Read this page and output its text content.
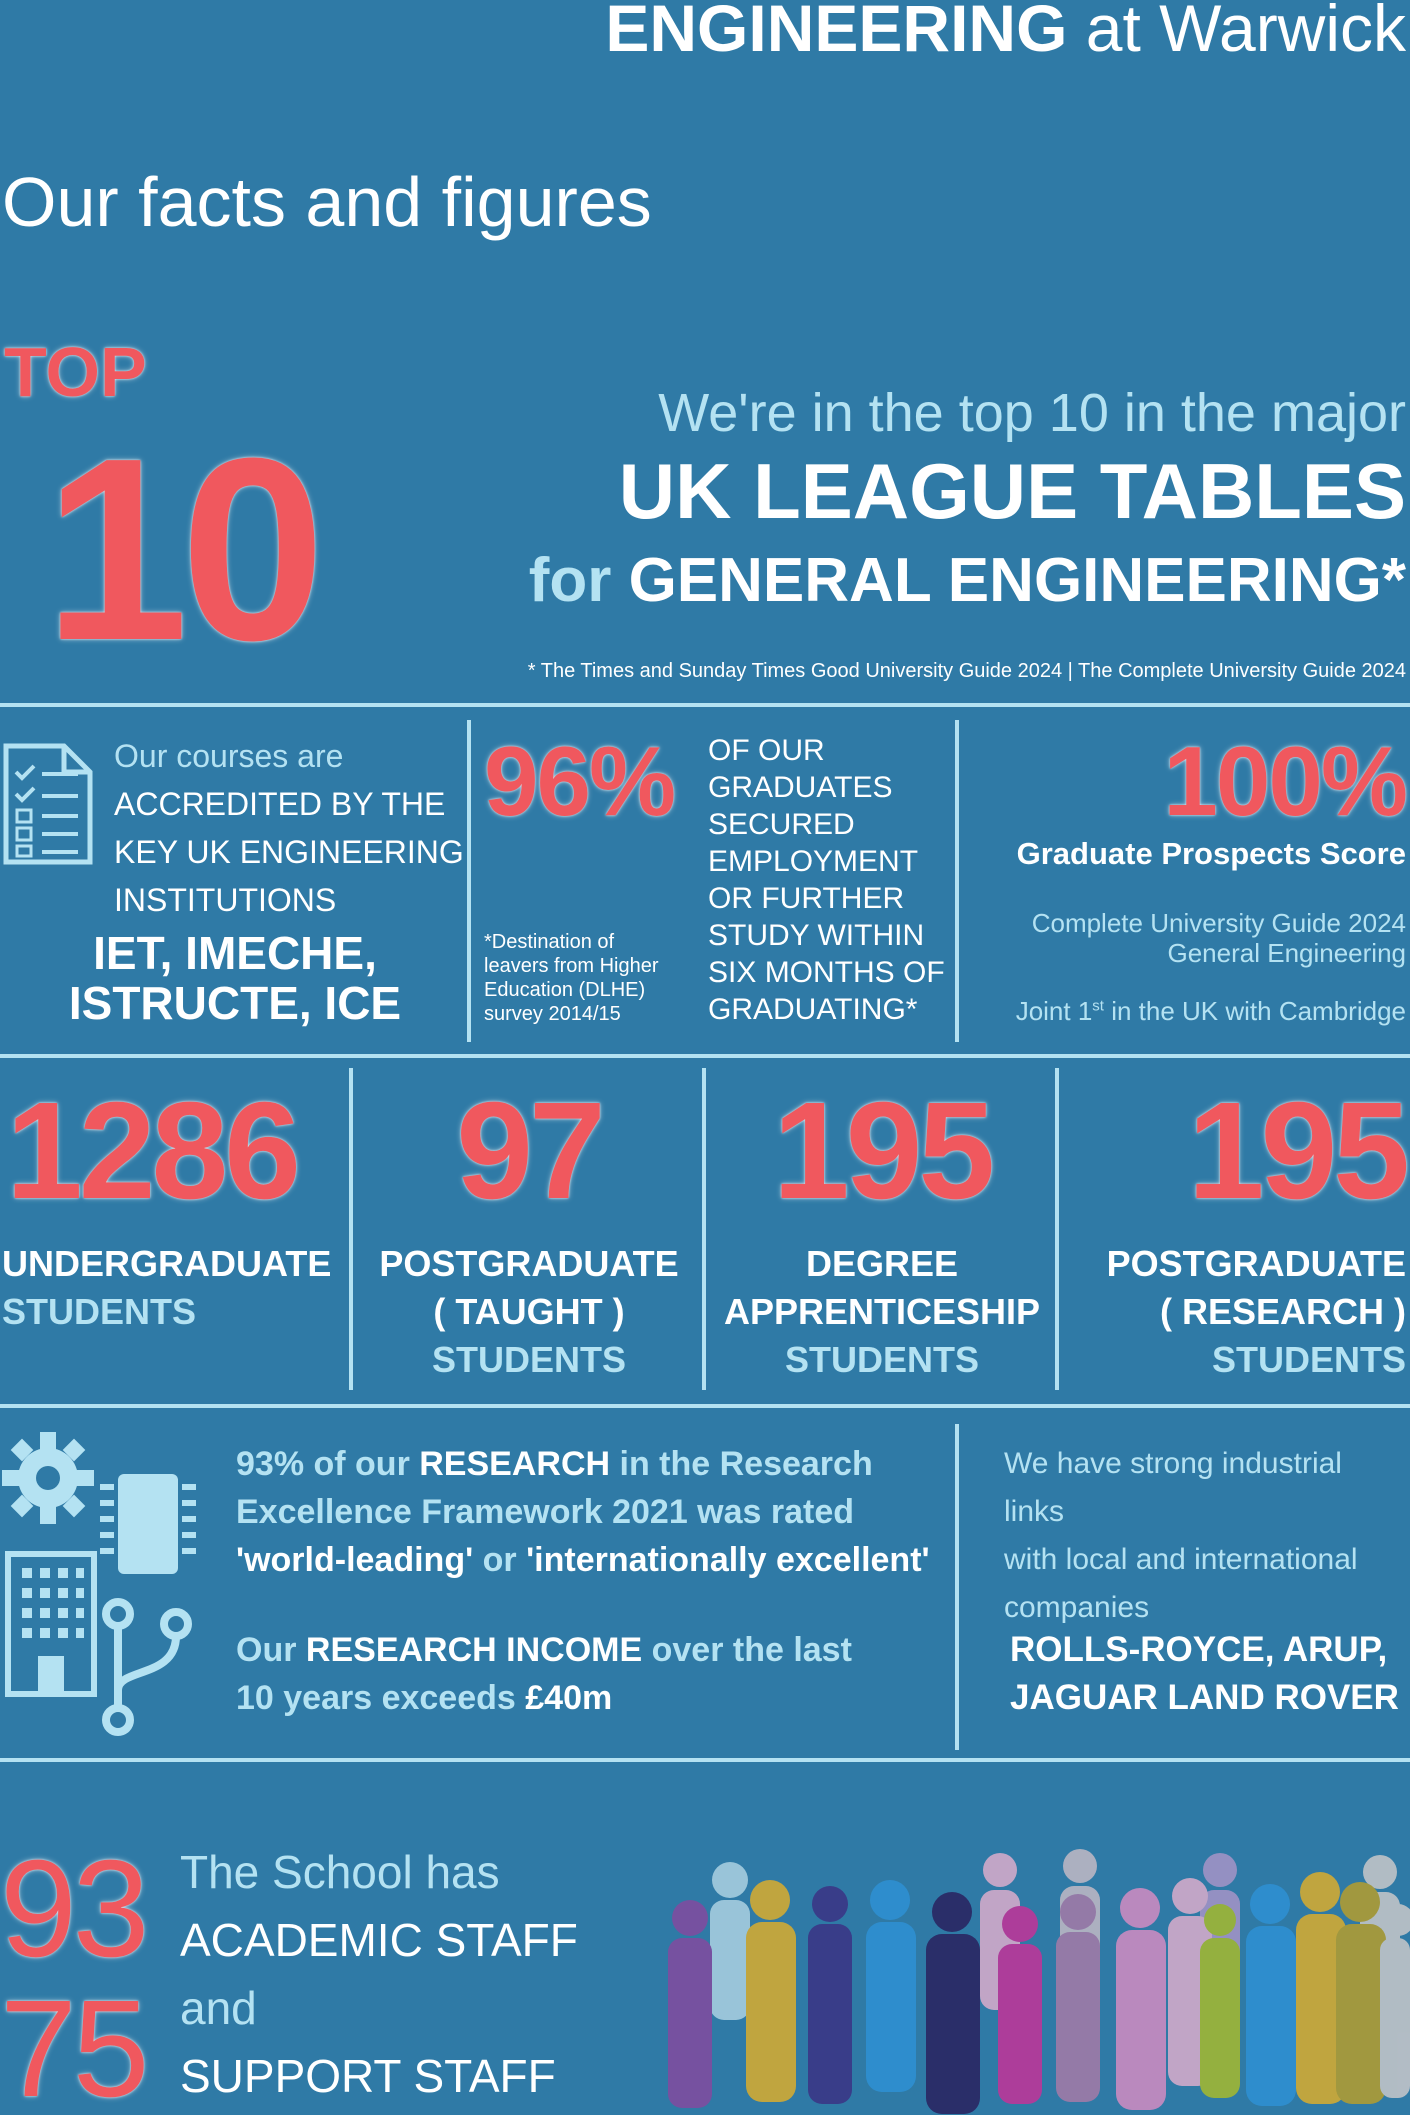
ENGINEERING at Warwick
Our facts and figures
TOP
10	We're in the top 10 in the major
UK LEAGUE TABLES
for GENERAL ENGINEERING*
* The Times and Sunday Times Good University Guide 2024 | The Complete University Guide 2024
Our courses are
ACCREDITED BY THE
KEY UK ENGINEERING
INSTITUTIONS
IET, IMECHE,
ISTRUCTE, ICE
96%
*Destination of
leavers from Higher
Education (DLHE)
survey 2014/15
OF OUR
GRADUATES
SECURED
EMPLOYMENT
OR FURTHER
STUDY WITHIN
SIX MONTHS OF
GRADUATING*
100%
Graduate Prospects Score
Complete University Guide 2024
General Engineering
Joint 1st in the UK with Cambridge
1286
UNDERGRADUATE
STUDENTS
97
POSTGRADUATE
( TAUGHT )
STUDENTS
195
DEGREE
APPRENTICESHIP
STUDENTS
195
POSTGRADUATE
( RESEARCH )
STUDENTS
93% of our RESEARCH in the Research
Excellence Framework 2021 was rated
'world-leading' or 'internationally excellent'
Our RESEARCH INCOME over the last
10 years exceeds £40m
We have strong industrial links
with local and international
companies
ROLLS-ROYCE, ARUP,
JAGUAR LAND ROVER
93
75
The School has
ACADEMIC STAFF
and
SUPPORT STAFF
